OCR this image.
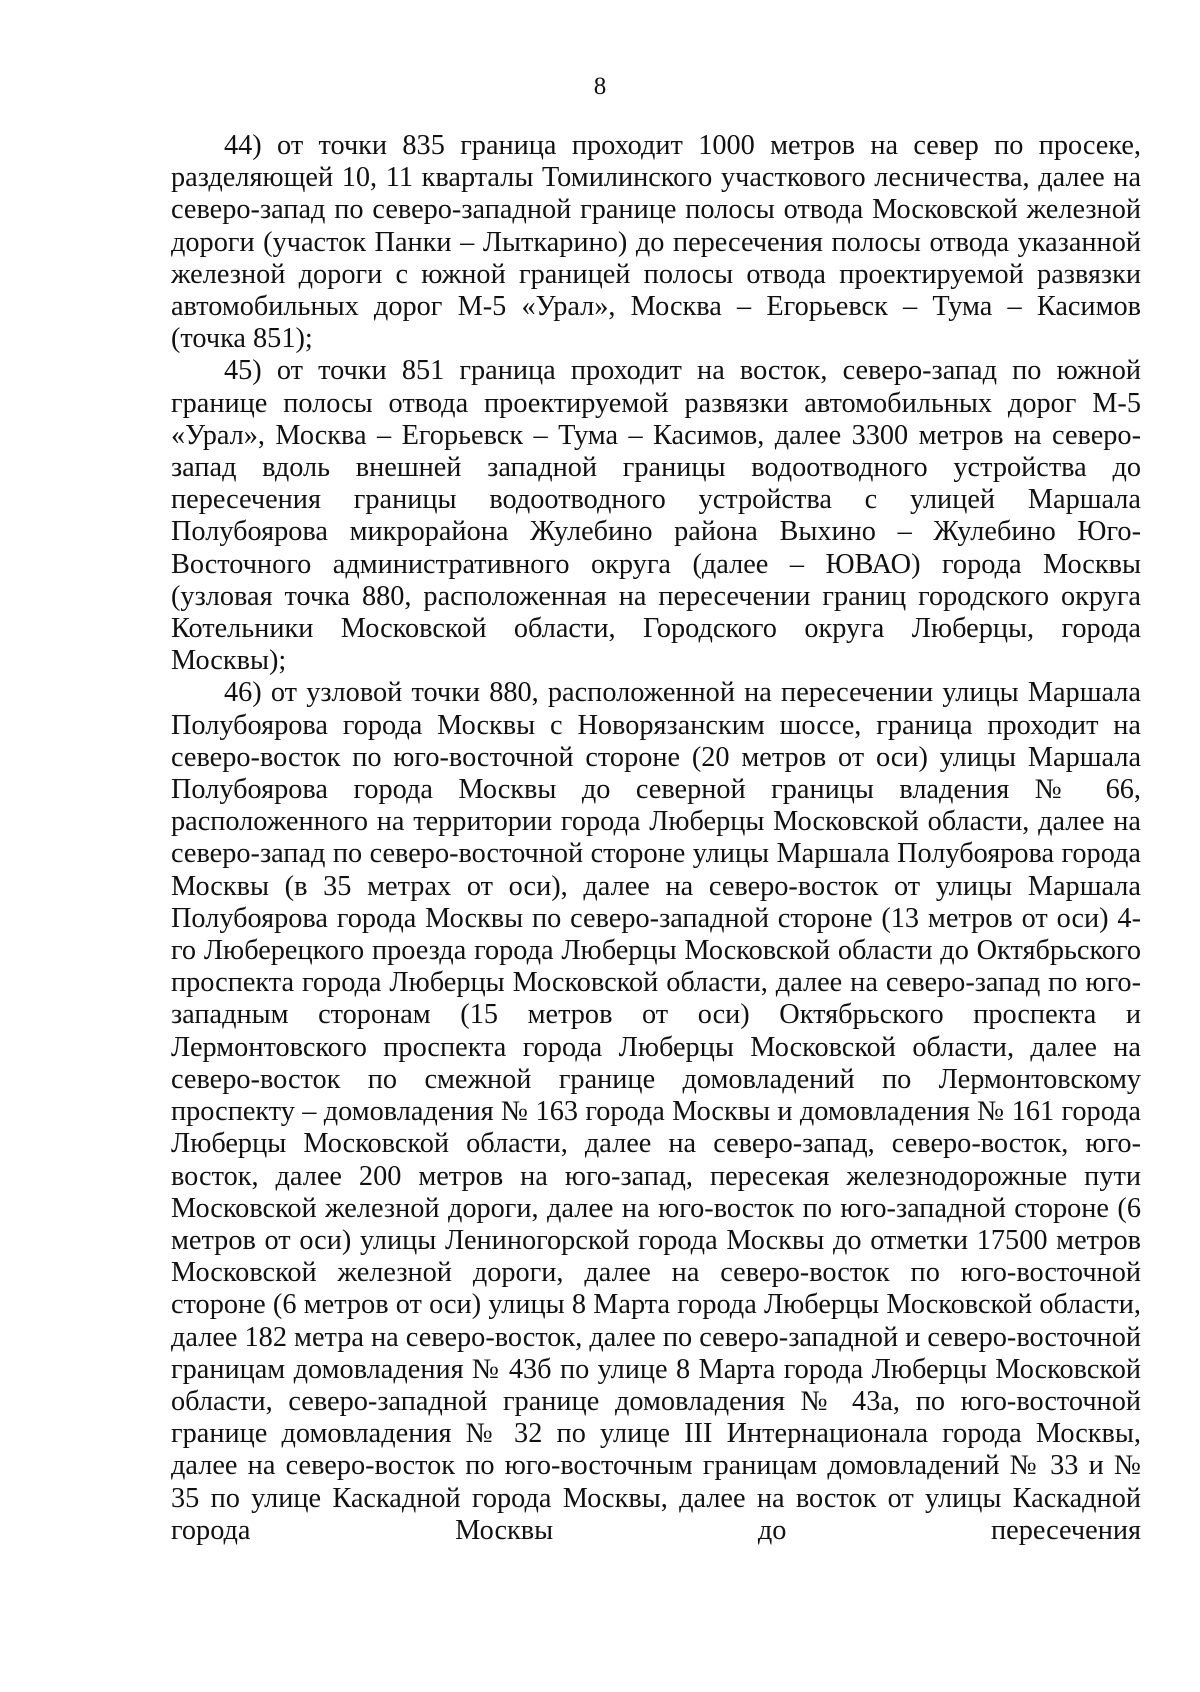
8

44) от точки 835 граница проходит 1000 метров на север по просеке, разделяющей 10, 11 кварталы Томилинского участкового лесничества, далее на северо-запад по северо-западной границе полосы отвода Московской железной дороги (участок Панки – Лыткарино) до пересечения полосы отвода указанной железной дороги с южной границей полосы отвода проектируемой развязки автомобильных дорог М-5 «Урал», Москва – Егорьевск – Тума – Касимов (точка 851);

45) от точки 851 граница проходит на восток, северо-запад по южной границе полосы отвода проектируемой развязки автомобильных дорог М-5 «Урал», Москва – Егорьевск – Тума – Касимов, далее 3300 метров на северо-запад вдоль внешней западной границы водоотводного устройства до пересечения границы водоотводного устройства с улицей Маршала Полубоярова микрорайона Жулебино района Выхино – Жулебино Юго-Восточного административного округа (далее – ЮВАО) города Москвы (узловая точка 880, расположенная на пересечении границ городского округа Котельники Московской области, Городского округа Люберцы, города Москвы);

46) от узловой точки 880, расположенной на пересечении улицы Маршала Полубоярова города Москвы с Новорязанским шоссе, граница проходит на северо-восток по юго-восточной стороне (20 метров от оси) улицы Маршала Полубоярова города Москвы до северной границы владения № 66, расположенного на территории города Люберцы Московской области, далее на северо-запад по северо-восточной стороне улицы Маршала Полубоярова города Москвы (в 35 метрах от оси), далее на северо-восток от улицы Маршала Полубоярова города Москвы по северо-западной стороне (13 метров от оси) 4-го Люберецкого проезда города Люберцы Московской области до Октябрьского проспекта города Люберцы Московской области, далее на северо-запад по юго-западным сторонам (15 метров от оси) Октябрьского проспекта и Лермонтовского проспекта города Люберцы Московской области, далее на северо-восток по смежной границе домовладений по Лермонтовскому проспекту – домовладения № 163 города Москвы и домовладения № 161 города Люберцы Московской области, далее на северо-запад, северо-восток, юго-восток, далее 200 метров на юго-запад, пересекая железнодорожные пути Московской железной дороги, далее на юго-восток по юго-западной стороне (6 метров от оси) улицы Лениногорской города Москвы до отметки 17500 метров Московской железной дороги, далее на северо-восток по юго-восточной стороне (6 метров от оси) улицы 8 Марта города Люберцы Московской области, далее 182 метра на северо-восток, далее по северо-западной и северо-восточной границам домовладения № 43б по улице 8 Марта города Люберцы Московской области, северо-западной границе домовладения № 43а, по юго-восточной границе домовладения № 32 по улице III Интернационала города Москвы, далее на северо-восток по юго-восточным границам домовладений № 33 и № 35 по улице Каскадной города Москвы, далее на восток от улицы Каскадной города Москвы до пересечения
